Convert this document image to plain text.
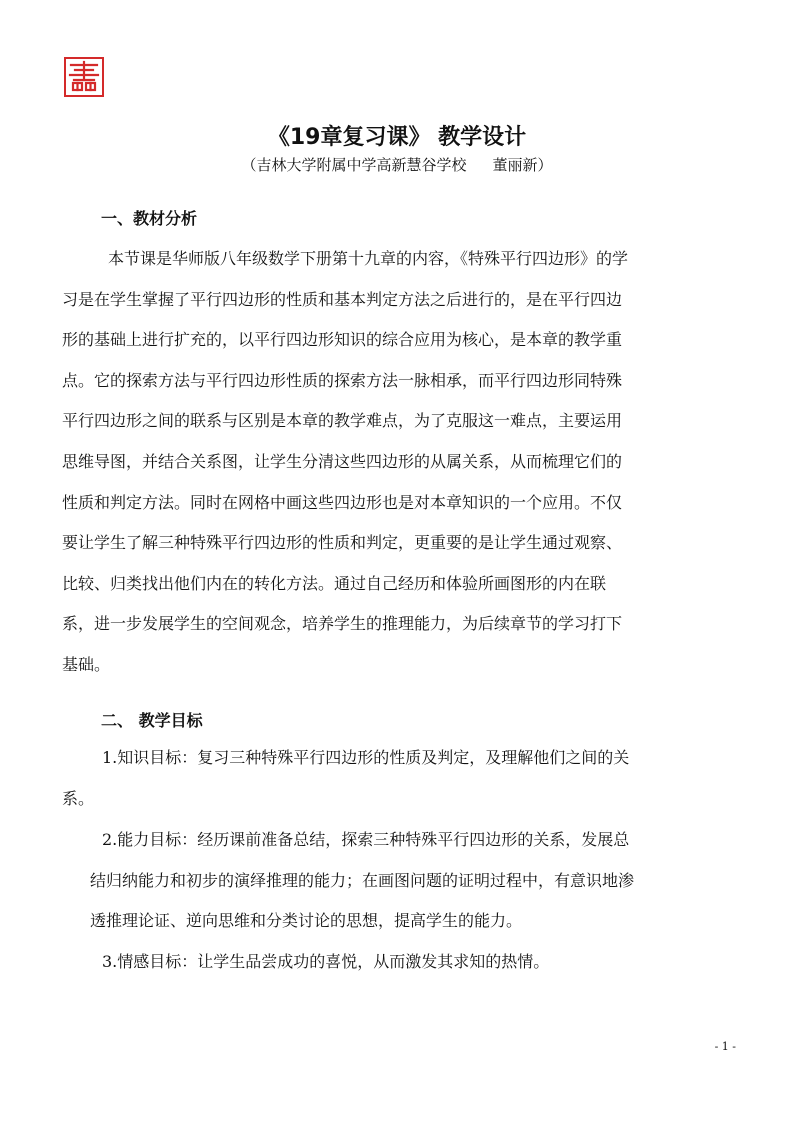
《19章复习课》 教学设计
（吉林大学附属中学高新慧谷学校 董丽新）
一、教材分析
本节课是华师版八年级数学下册第十九章的内容，《特殊平行四边形》的学
习是在学生掌握了平行四边形的性质和基本判定方法之后进行的，是在平行四边
形的基础上进行扩充的，以平行四边形知识的综合应用为核心，是本章的教学重
点。它的探索方法与平行四边形性质的探索方法一脉相承，而平行四边形同特殊
平行四边形之间的联系与区别是本章的教学难点，为了克服这一难点，主要运用
思维导图，并结合关系图，让学生分清这些四边形的从属关系，从而梳理它们的
性质和判定方法。同时在网格中画这些四边形也是对本章知识的一个应用。不仅
要让学生了解三种特殊平行四边形的性质和判定，更重要的是让学生通过观察、
比较、归类找出他们内在的转化方法。通过自己经历和体验所画图形的内在联
系，进一步发展学生的空间观念，培养学生的推理能力，为后续章节的学习打下
基础。
二、 教学目标
1.知识目标：复习三种特殊平行四边形的性质及判定，及理解他们之间的关
系。
2.能力目标：经历课前准备总结，探索三种特殊平行四边形的关系，发展总
结归纳能力和初步的演绎推理的能力；在画图问题的证明过程中，有意识地渗
透推理论证、逆向思维和分类讨论的思想，提高学生的能力。
3.情感目标：让学生品尝成功的喜悦，从而激发其求知的热情。
- 1 -
